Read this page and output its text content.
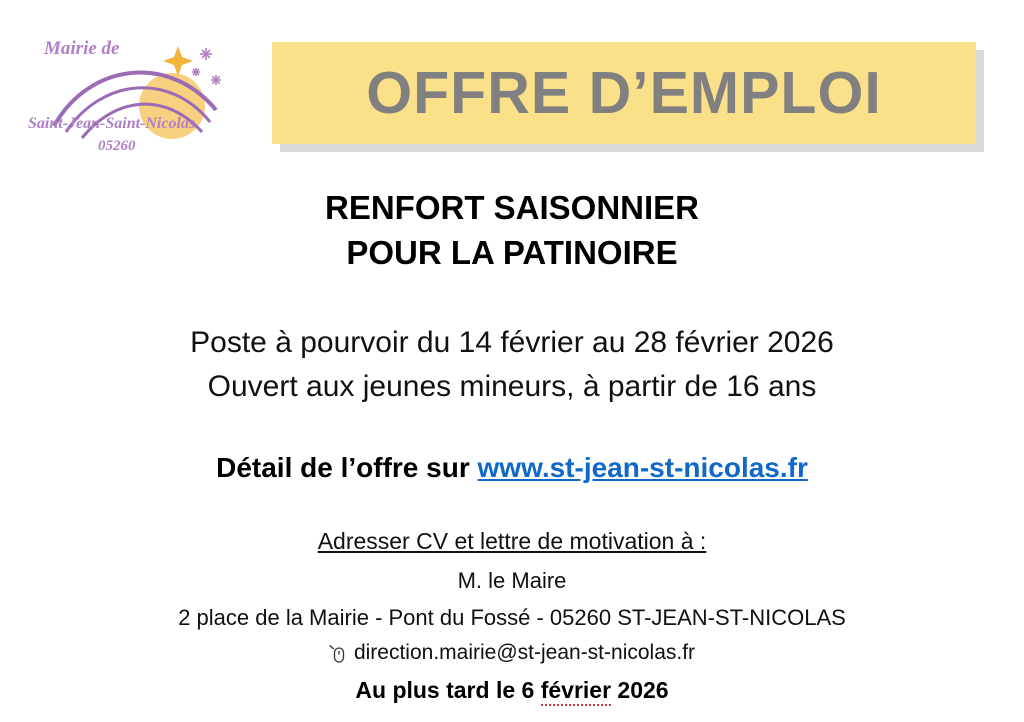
Mairie de
Saint-Jean-Saint-Nicolas
05260
OFFRE D’EMPLOI
RENFORT SAISONNIER
POUR LA PATINOIRE
Poste à pourvoir du 14 février au 28 février 2026
Ouvert aux jeunes mineurs, à partir de 16 ans
Détail de l’offre sur www.st-jean-st-nicolas.fr
Adresser CV et lettre de motivation à :
M. le Maire
2 place de la Mairie - Pont du Fossé - 05260 ST-JEAN-ST-NICOLAS
direction.mairie@st-jean-st-nicolas.fr
Au plus tard le 6 février 2026
